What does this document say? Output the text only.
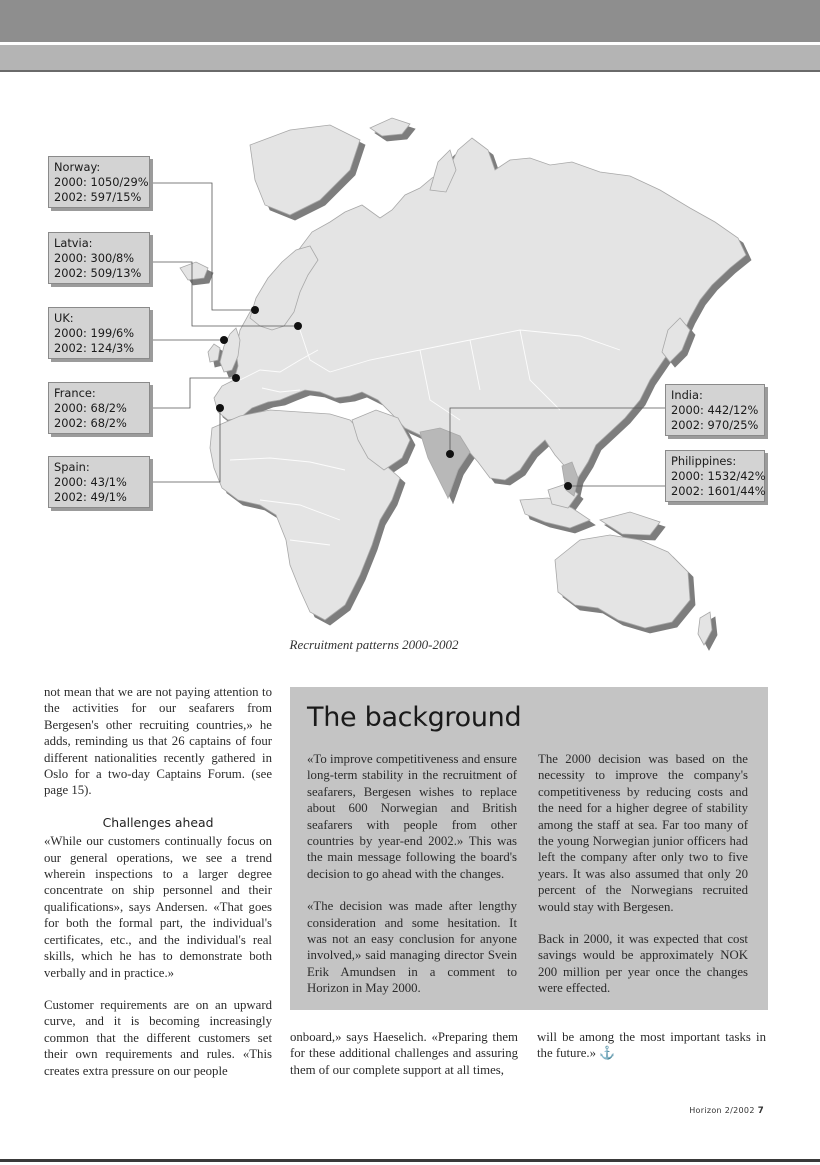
Norway:
2000: 1050/29%
2002: 597/15%
Latvia:
2000: 300/8%
2002: 509/13%
UK:
2000: 199/6%
2002: 124/3%
France:
2000: 68/2%
2002: 68/2%
Spain:
2000: 43/1%
2002: 49/1%
India:
2000: 442/12%
2002: 970/25%
Philippines:
2000: 1532/42%
2002: 1601/44%
Recruitment patterns 2000-2002

not mean that we are not paying attention to the activities for our seafarers from Bergesen's other recruiting countries,» he adds, reminding us that 26 captains of four different nationalities recently gathered in Oslo for a two-day Captains Forum. (see page 15).

Challenges ahead

«While our customers continually focus on our general operations, we see a trend wherein inspections to a larger degree concentrate on ship personnel and their qualifications», says Andersen. «That goes for both the formal part, the individual's certificates, etc., and the individual's real skills, which he has to demonstrate both verbally and in practice.»

Customer requirements are on an upward curve, and it is becoming increasingly common that the different customers set their own requirements and rules. «This creates extra pressure on our people

The background

«To improve competitiveness and ensure long-term stability in the recruitment of seafarers, Bergesen wishes to replace about 600 Norwegian and British seafarers with people from other countries by year-end 2002.» This was the main message following the board's decision to go ahead with the changes.

«The decision was made after lengthy consideration and some hesitation. It was not an easy conclusion for anyone involved,» said managing director Svein Erik Amundsen in a comment to Horizon in May 2000.

The 2000 decision was based on the necessity to improve the company's competitiveness by reducing costs and the need for a higher degree of stability among the staff at sea. Far too many of the young Norwegian junior officers had left the company after only two to five years. It was also assumed that only 20 percent of the Norwegians recruited would stay with Bergesen.

Back in 2000, it was expected that cost savings would be approximately NOK 200 million per year once the changes were effected.

onboard,» says Haeselich. «Preparing them for these additional challenges and assuring them of our complete support at all times,
will be among the most important tasks in the future.» ⚓
Horizon 2/2002 7
